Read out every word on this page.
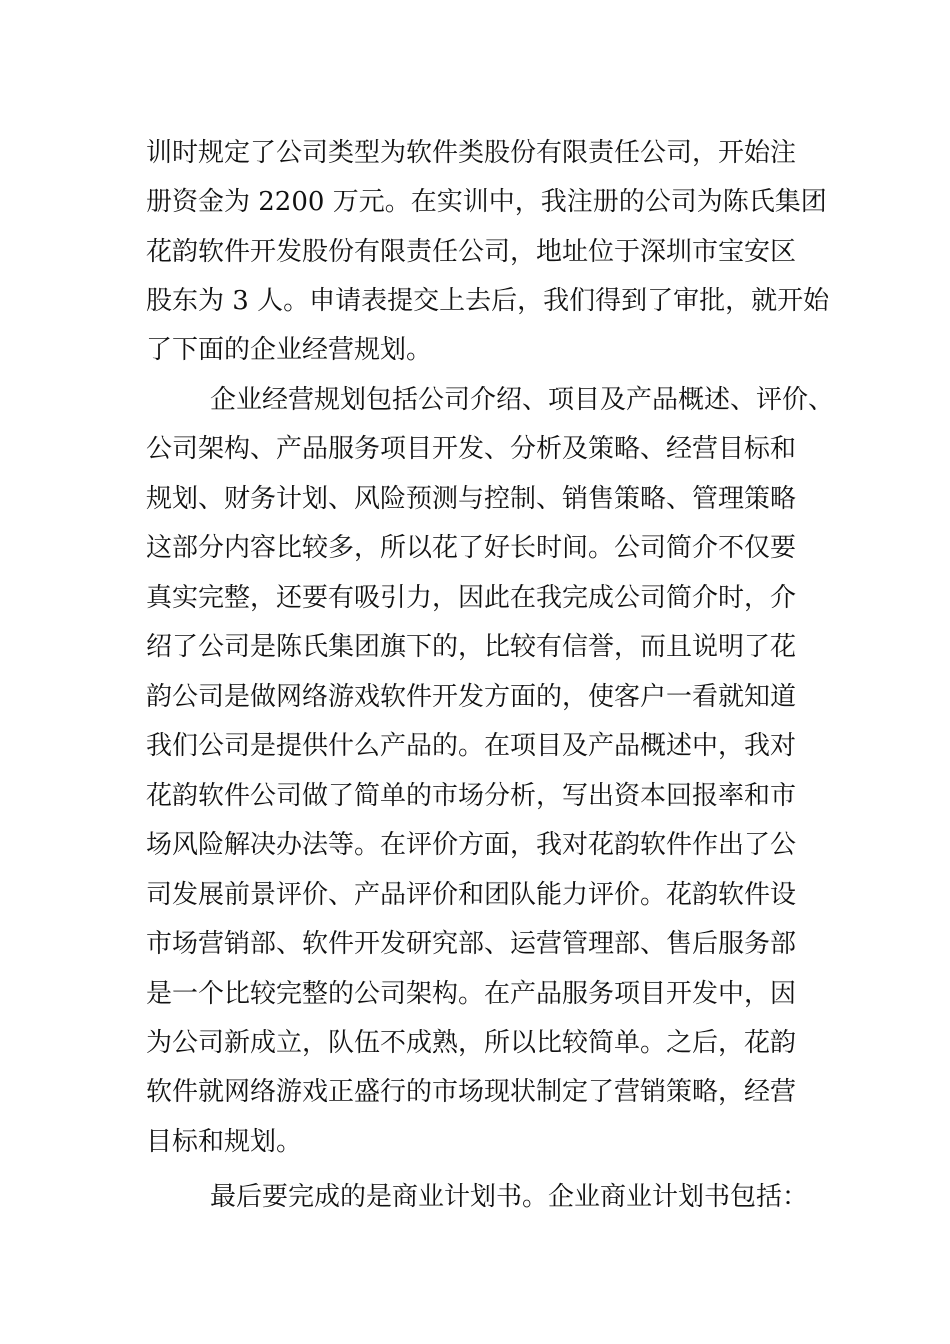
训时规定了公司类型为软件类股份有限责任公司，开始注

册资金为 2200 万元。在实训中，我注册的公司为陈氏集团

花韵软件开发股份有限责任公司，地址位于深圳市宝安区

股东为 3 人。申请表提交上去后，我们得到了审批，就开始

了下面的企业经营规划。

企业经营规划包括公司介绍、项目及产品概述、评价、

公司架构、产品服务项目开发、分析及策略、经营目标和

规划、财务计划、风险预测与控制、销售策略、管理策略

这部分内容比较多，所以花了好长时间。公司简介不仅要

真实完整，还要有吸引力，因此在我完成公司简介时，介

绍了公司是陈氏集团旗下的，比较有信誉，而且说明了花

韵公司是做网络游戏软件开发方面的，使客户一看就知道

我们公司是提供什么产品的。在项目及产品概述中，我对

花韵软件公司做了简单的市场分析，写出资本回报率和市

场风险解决办法等。在评价方面，我对花韵软件作出了公

司发展前景评价、产品评价和团队能力评价。花韵软件设

市场营销部、软件开发研究部、运营管理部、售后服务部

是一个比较完整的公司架构。在产品服务项目开发中，因

为公司新成立，队伍不成熟，所以比较简单。之后，花韵

软件就网络游戏正盛行的市场现状制定了营销策略，经营

目标和规划。

最后要完成的是商业计划书。企业商业计划书包括：
